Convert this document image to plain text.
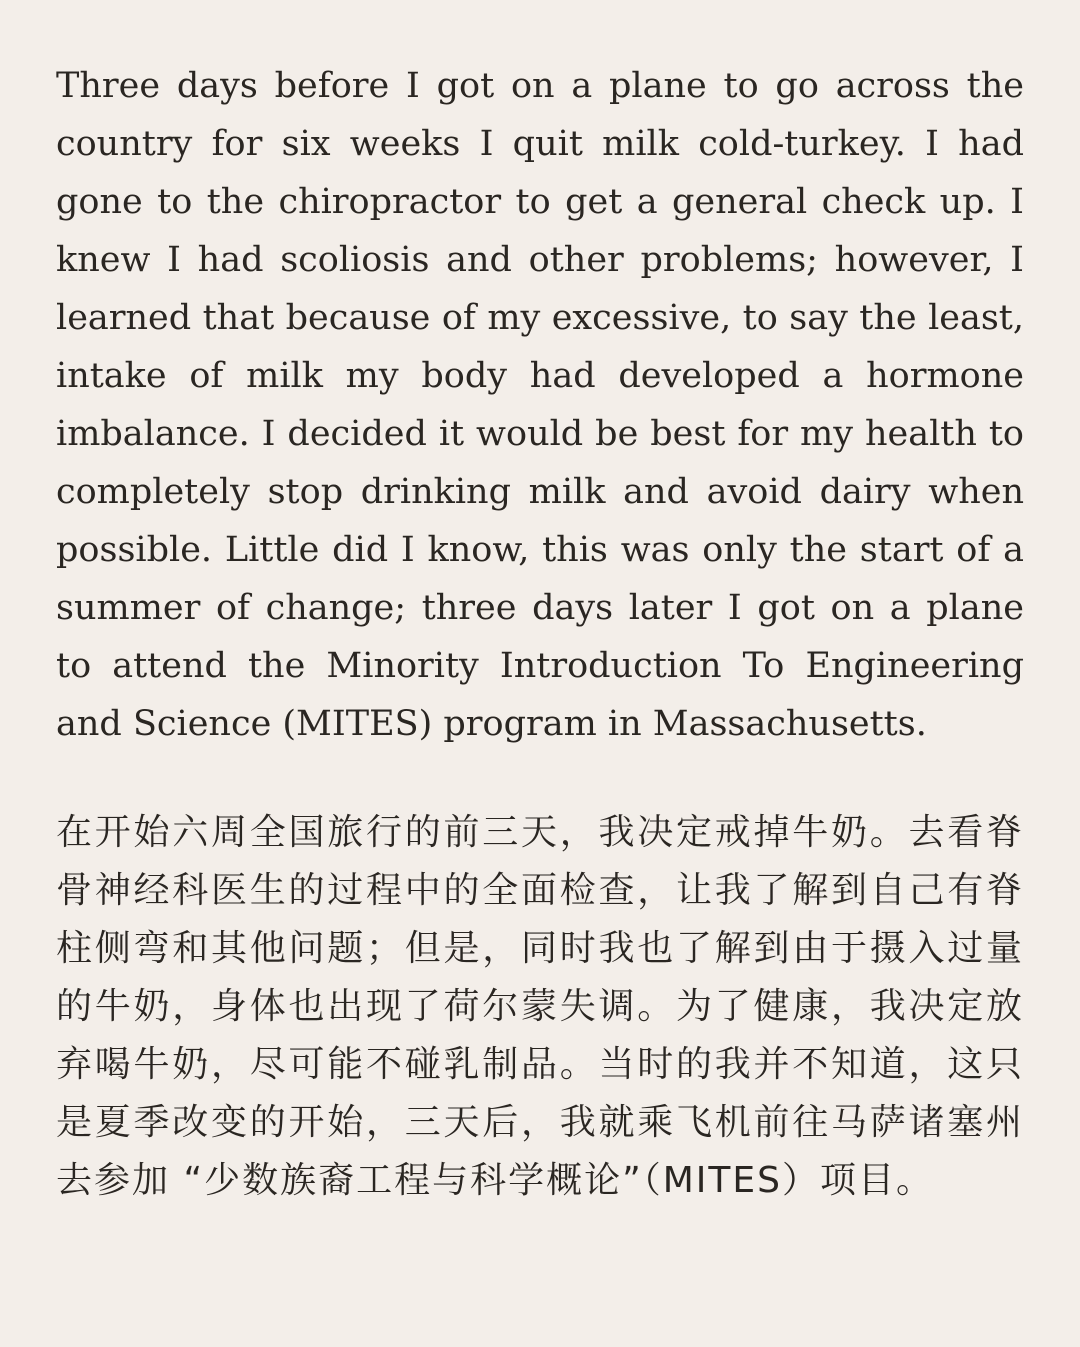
Three days before I got on a plane to go across the country for six weeks I quit milk cold-turkey. I had gone to the chiropractor to get a general check up. I knew I had scoliosis and other problems; however, I learned that because of my excessive, to say the least, intake of milk my body had developed a hormone imbalance. I decided it would be best for my health to completely stop drinking milk and avoid dairy when possible. Little did I know, this was only the start of a summer of change; three days later I got on a plane to attend the Minority Introduction To Engineering and Science (MITES) program in Massachusetts.

在开始六周全国旅行的前三天，我决定戒掉牛奶。去看脊骨神经科医生的过程中的全面检查，让我了解到自己有脊柱侧弯和其他问题；但是，同时我也了解到由于摄入过量的牛奶，身体也出现了荷尔蒙失调。为了健康，我决定放弃喝牛奶，尽可能不碰乳制品。当时的我并不知道，这只是夏季改变的开始，三天后，我就乘飞机前往马萨诸塞州去参加 “少数族裔工程与科学概论”（MITES）项目。
